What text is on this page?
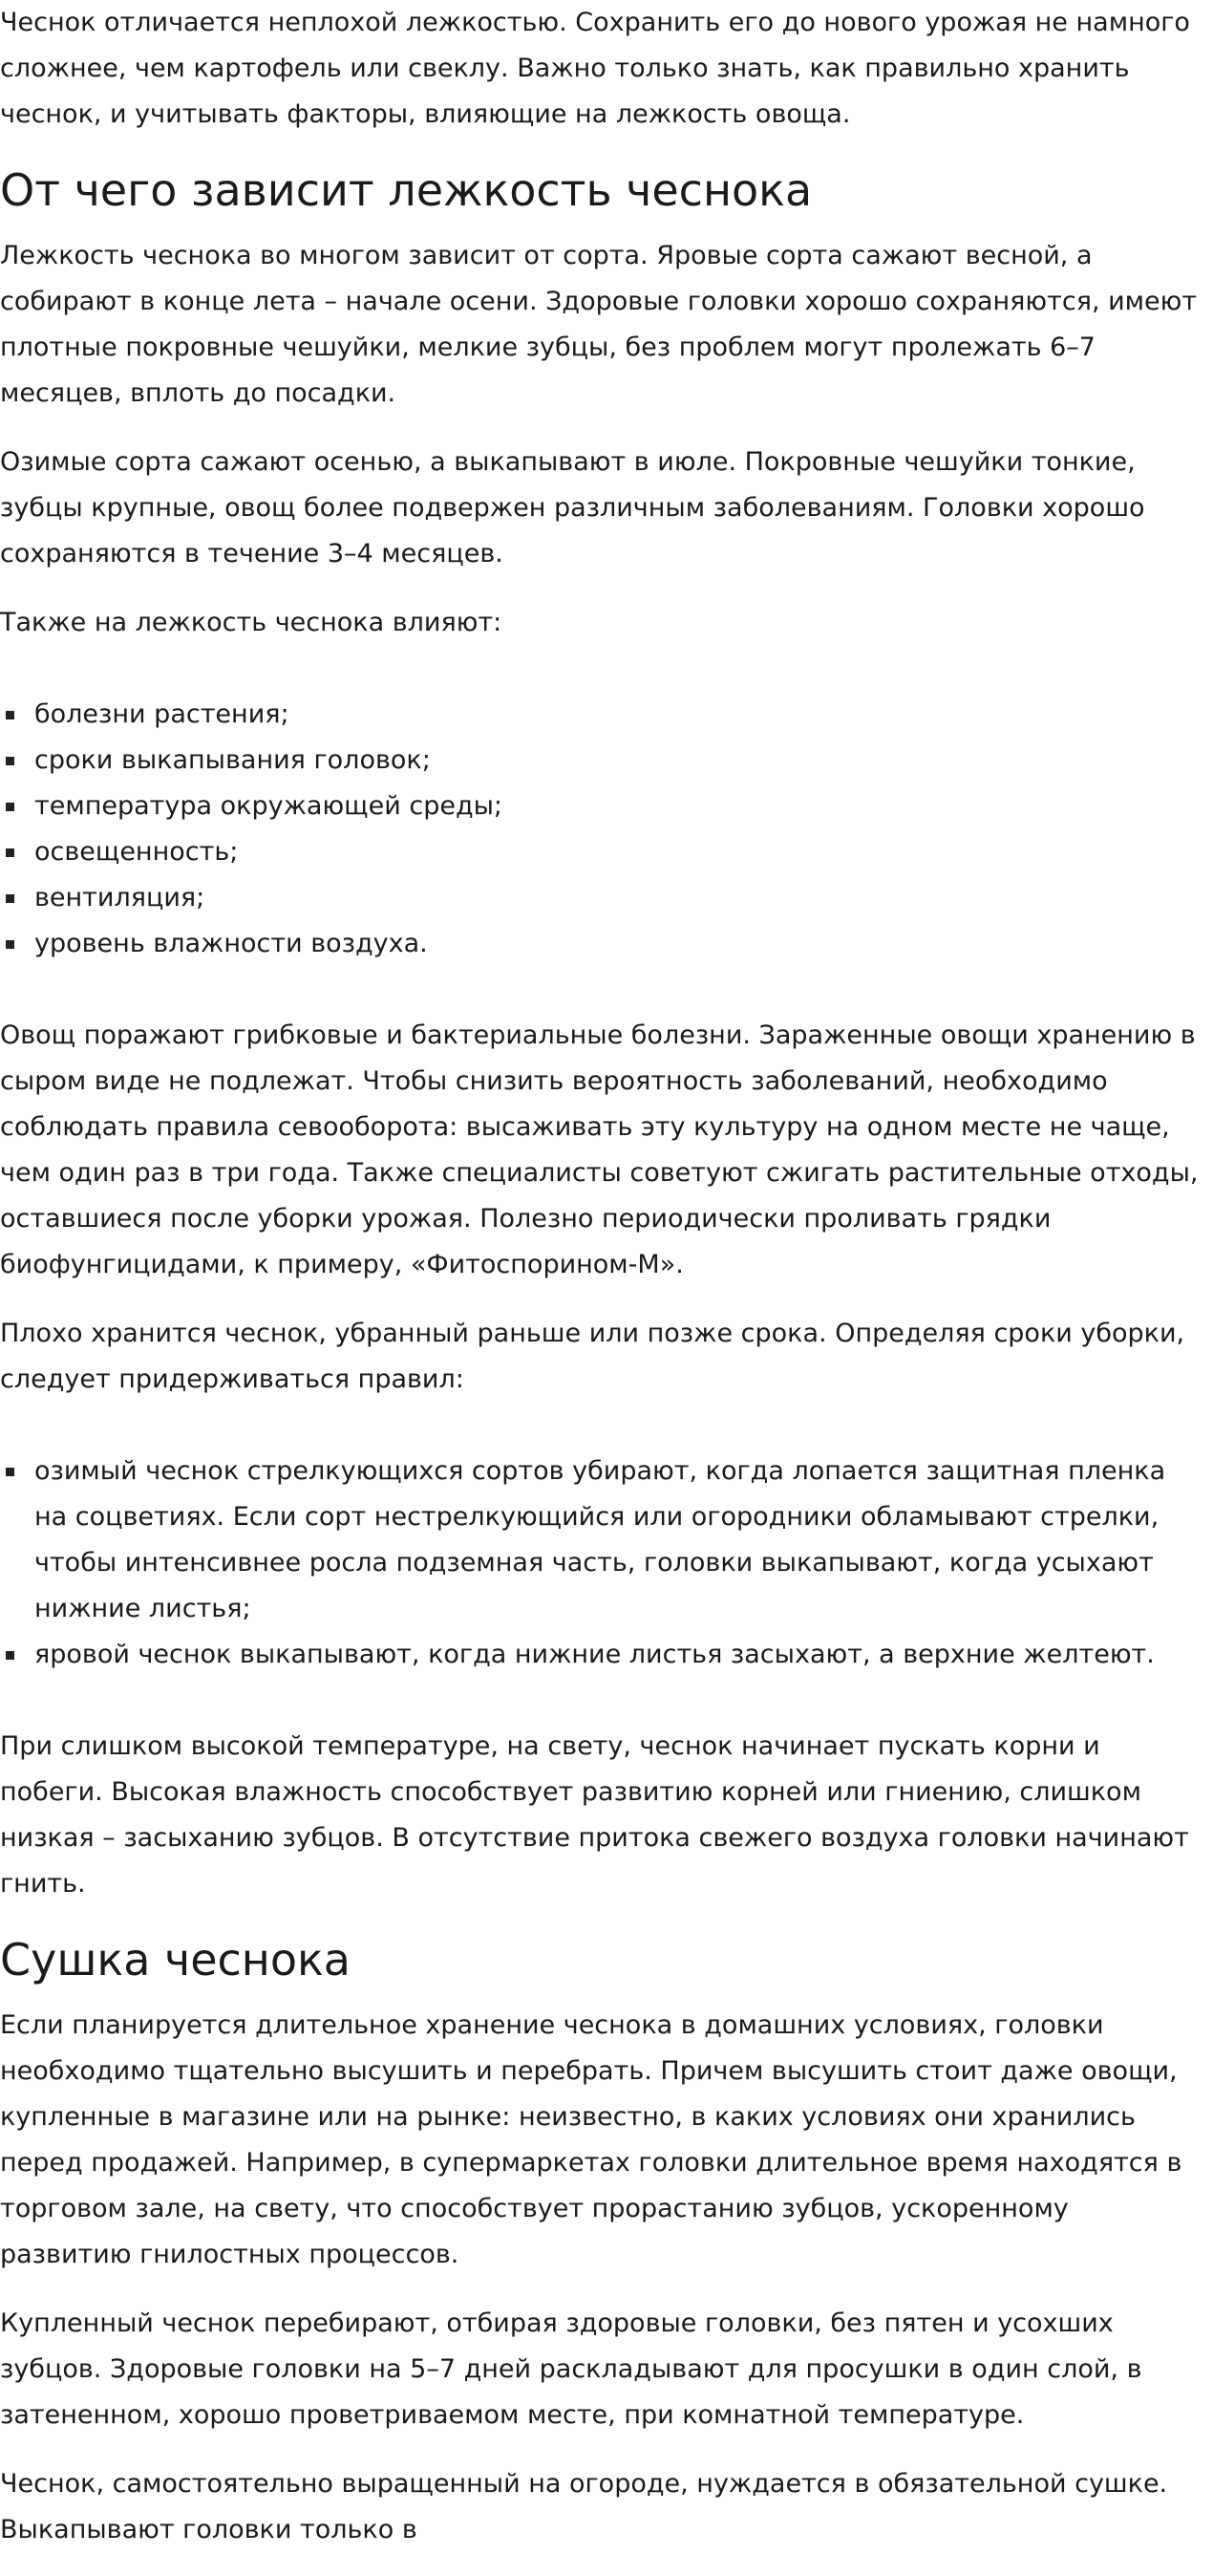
Чеснок отличается неплохой лежкостью. Сохранить его до нового урожая не намного сложнее, чем картофель или свеклу. Важно только знать, как правильно хранить чеснок, и учитывать факторы, влияющие на лежкость овоща.

От чего зависит лежкость чеснока

Лежкость чеснока во многом зависит от сорта. Яровые сорта сажают весной, а собирают в конце лета – начале осени. Здоровые головки хорошо сохраняются, имеют плотные покровные чешуйки, мелкие зубцы, без проблем могут пролежать 6–7 месяцев, вплоть до посадки.

Озимые сорта сажают осенью, а выкапывают в июле. Покровные чешуйки тонкие, зубцы крупные, овощ более подвержен различным заболеваниям. Головки хорошо сохраняются в течение 3–4 месяцев.

Также на лежкость чеснока влияют:

болезни растения;
сроки выкапывания головок;
температура окружающей среды;
освещенность;
вентиляция;
уровень влажности воздуха.

Овощ поражают грибковые и бактериальные болезни. Зараженные овощи хранению в сыром виде не подлежат. Чтобы снизить вероятность заболеваний, необходимо соблюдать правила севооборота: высаживать эту культуру на одном месте не чаще, чем один раз в три года. Также специалисты советуют сжигать растительные отходы, оставшиеся после уборки урожая. Полезно периодически проливать грядки биофунгицидами, к примеру, «Фитоспорином-М».

Плохо хранится чеснок, убранный раньше или позже срока. Определяя сроки уборки, следует придерживаться правил:

озимый чеснок стрелкующихся сортов убирают, когда лопается защитная пленка на соцветиях. Если сорт нестрелкующийся или огородники обламывают стрелки, чтобы интенсивнее росла подземная часть, головки выкапывают, когда усыхают нижние листья;
яровой чеснок выкапывают, когда нижние листья засыхают, а верхние желтеют.

При слишком высокой температуре, на свету, чеснок начинает пускать корни и побеги. Высокая влажность способствует развитию корней или гниению, слишком низкая – засыханию зубцов. В отсутствие притока свежего воздуха головки начинают гнить.

Сушка чеснока

Если планируется длительное хранение чеснока в домашних условиях, головки необходимо тщательно высушить и перебрать. Причем высушить стоит даже овощи, купленные в магазине или на рынке: неизвестно, в каких условиях они хранились перед продажей. Например, в супермаркетах головки длительное время находятся в торговом зале, на свету, что способствует прорастанию зубцов, ускоренному развитию гнилостных процессов.

Купленный чеснок перебирают, отбирая здоровые головки, без пятен и усохших зубцов. Здоровые головки на 5–7 дней раскладывают для просушки в один слой, в затененном, хорошо проветриваемом месте, при комнатной температуре.

Чеснок, самостоятельно выращенный на огороде, нуждается в обязательной сушке. Выкапывают головки только в
